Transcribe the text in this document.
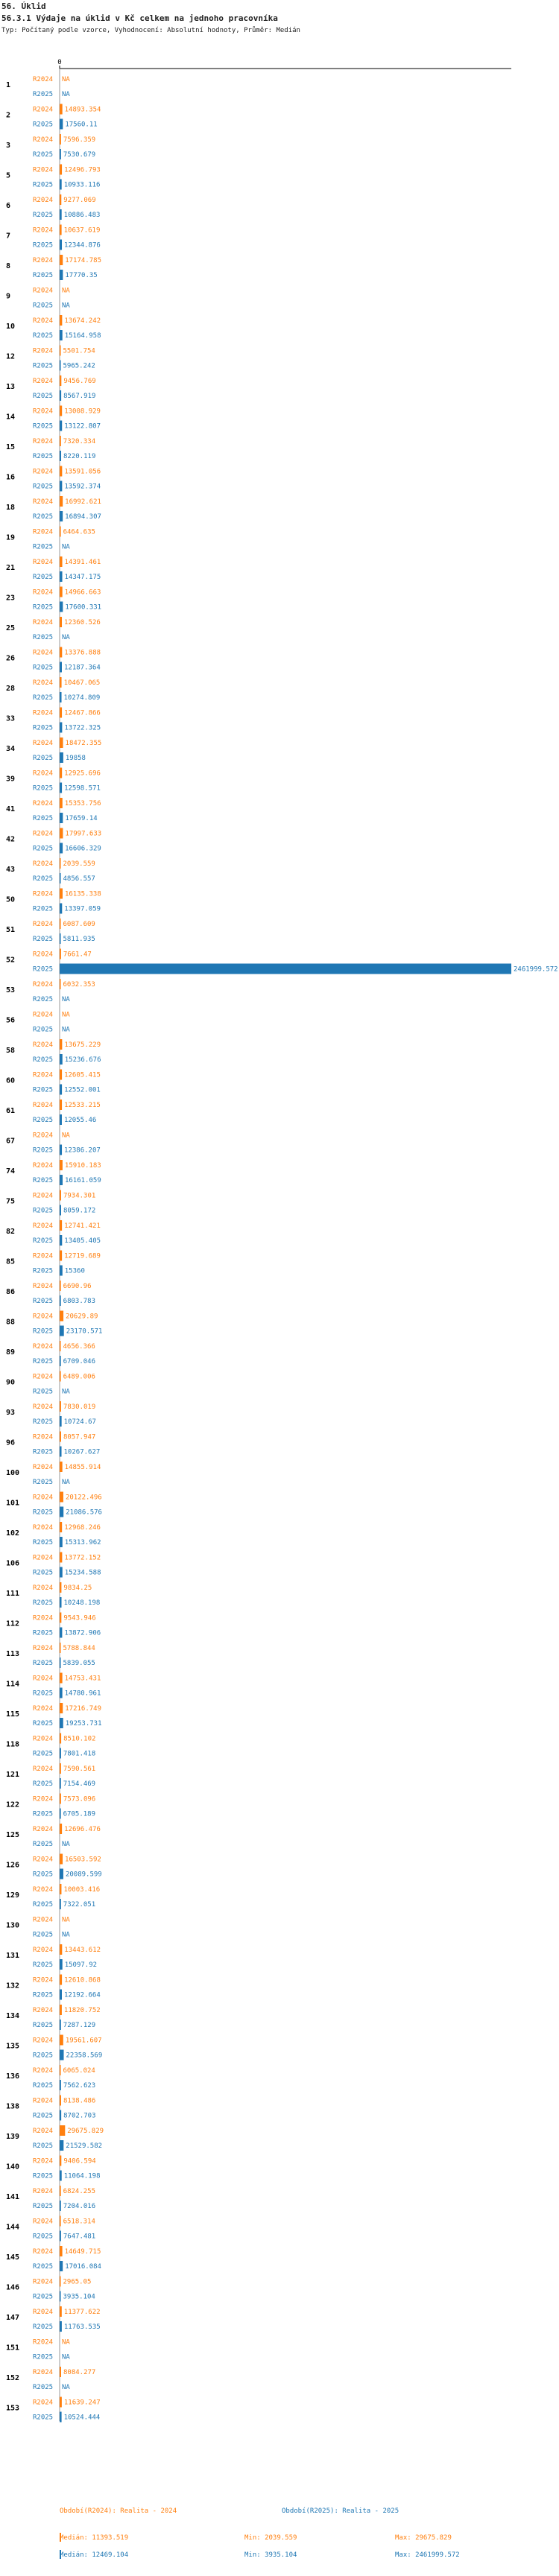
56. Úklid
56.3.1 Výdaje na úklid v Kč celkem na jednoho pracovníka
Typ: Počítaný podle vzorce, Vyhodnocení: Absolutní hodnoty, Průměr: Medián
0
1
R2024 NA
R2025 NA
2
R2024 14893.354
R2025 17560.11
3
R2024 7596.359
R2025 7530.679
5
R2024 12496.793
R2025 10933.116
6
R2024 9277.069
R2025 10886.483
7
R2024 10637.619
R2025 12344.876
8
R2024 17174.785
R2025 17770.35
9
R2024 NA
R2025 NA
10
R2024 13674.242
R2025 15164.958
12
R2024 5501.754
R2025 5965.242
13
R2024 9456.769
R2025 8567.919
14
R2024 13008.929
R2025 13122.807
15
R2024 7320.334
R2025 8220.119
16
R2024 13591.056
R2025 13592.374
18
R2024 16992.621
R2025 16894.307
19
R2024 6464.635
R2025 NA
21
R2024 14391.461
R2025 14347.175
23
R2024 14966.663
R2025 17600.331
25
R2024 12360.526
R2025 NA
26
R2024 13376.888
R2025 12187.364
28
R2024 10467.065
R2025 10274.809
33
R2024 12467.866
R2025 13722.325
34
R2024 18472.355
R2025 19858
39
R2024 12925.696
R2025 12598.571
41
R2024 15353.756
R2025 17659.14
42
R2024 17997.633
R2025 16606.329
43
R2024 2039.559
R2025 4856.557
50
R2024 16135.338
R2025 13397.059
51
R2024 6087.609
R2025 5811.935
52
R2024 7661.47
R2025	2461999.572
53
R2024 6032.353
R2025 NA
56
R2024 NA
R2025 NA
58
R2024 13675.229
R2025 15236.676
60
R2024 12605.415
R2025 12552.001
61
R2024 12533.215
R2025 12055.46
67
R2024 NA
R2025 12386.207
74
R2024 15910.183
R2025 16161.059
75
R2024 7934.301
R2025 8059.172
82
R2024 12741.421
R2025 13405.405
85
R2024 12719.689
R2025 15360
86
R2024 6690.96
R2025 6803.783
88
R2024 20629.89
R2025 23170.571
89
R2024 4656.366
R2025 6709.046
90
R2024 6489.006
R2025 NA
93
R2024 7830.019
R2025 10724.67
96
R2024 8057.947
R2025 10267.627
100
R2024 14855.914
R2025 NA
101
R2024 20122.496
R2025 21086.576
102
R2024 12968.246
R2025 15313.962
106
R2024 13772.152
R2025 15234.588
111
R2024 9834.25
R2025 10248.198
112
R2024 9543.946
R2025 13872.906
113
R2024 5788.844
R2025 5839.055
114
R2024 14753.431
R2025 14780.961
115
R2024 17216.749
R2025 19253.731
118
R2024 8510.102
R2025 7801.418
121
R2024 7590.561
R2025 7154.469
122
R2024 7573.096
R2025 6705.189
125
R2024 12696.476
R2025 NA
126
R2024 16503.592
R2025 20089.599
129
R2024 10003.416
R2025 7322.051
130
R2024 NA
R2025 NA
131
R2024 13443.612
R2025 15097.92
132
R2024 12610.868
R2025 12192.664
134
R2024 11820.752
R2025 7287.129
135
R2024 19561.607
R2025 22358.569
136
R2024 6065.024
R2025 7562.623
138
R2024 8138.486
R2025 8702.703
139
R2024 29675.829
R2025 21529.582
140
R2024 9406.594
R2025 11064.198
141
R2024 6824.255
R2025 7204.016
144
R2024 6518.314
R2025 7647.481
145
R2024 14649.715
R2025 17016.084
146
R2024 2965.05
R2025 3935.104
147
R2024 11377.622
R2025 11763.535
151
R2024 NA
R2025 NA
152
R2024 8084.277
R2025 NA
153
R2024 11639.247
R2025 10524.444
Období(R2024): Realita - 2024	Období(R2025): Realita - 2025
Medián: 11393.519	Min: 2039.559	Max: 29675.829
Medián: 12469.104	Min: 3935.104	Max: 2461999.572
